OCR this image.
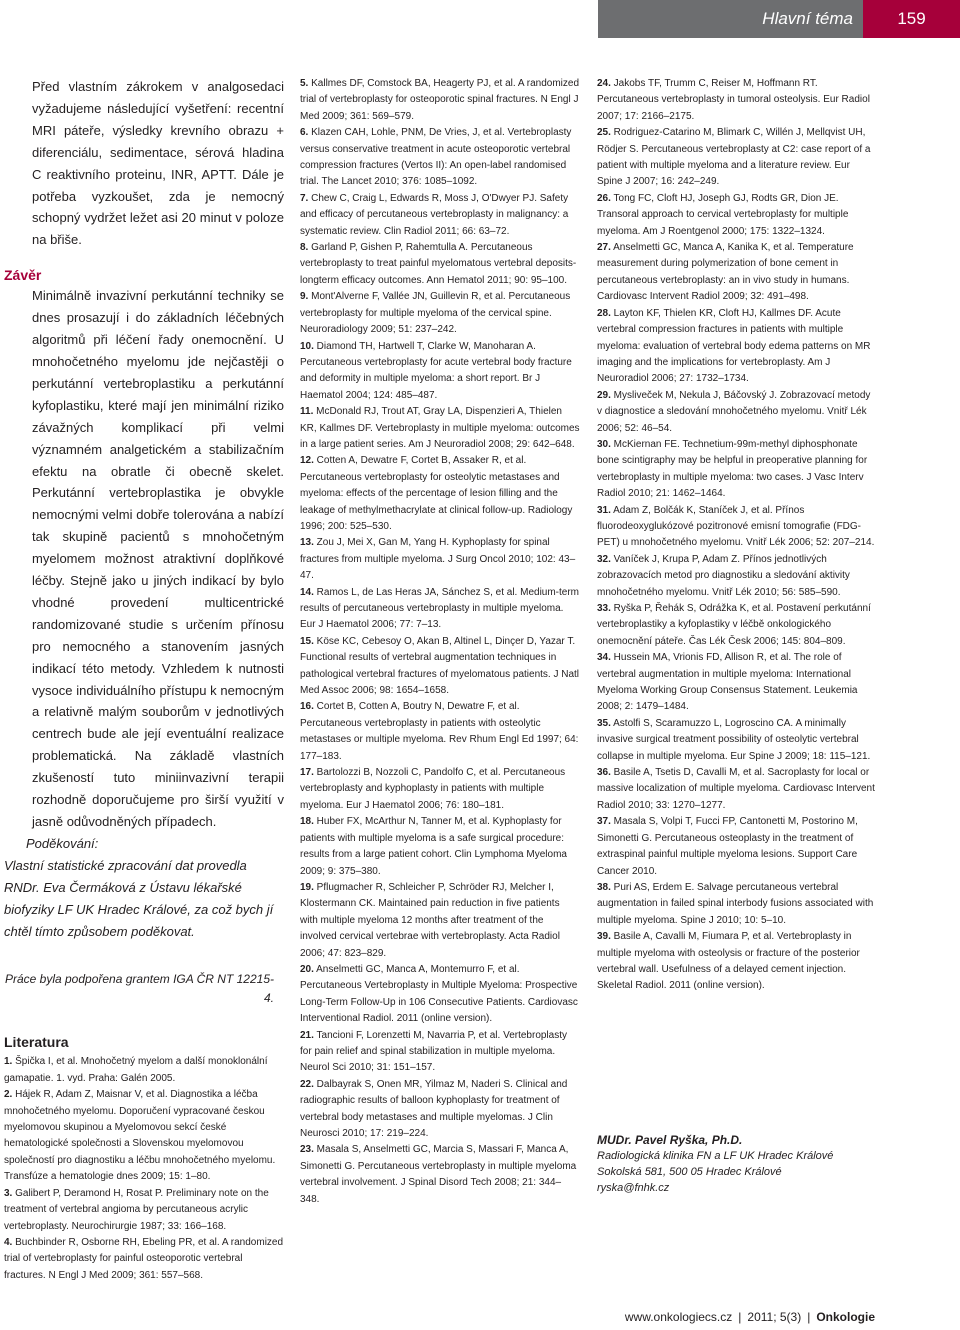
Hlavní téma	159

Před vlastním zákrokem v analgosedaci vyžadujeme následující vyšetření: recentní MRI páteře, výsledky krevního obrazu + diferenciálu, sedimentace, sérová hladina C reaktivního proteinu, INR, APTT. Dále je potřeba vyzkoušet, zda je nemocný schopný vydržet ležet asi 20 minut v poloze na břiše.

Závěr

Minimálně invazivní perkutánní techniky se dnes prosazují i do základních léčebných algoritmů při léčení řady onemocnění. U mnohočetného myelomu jde nejčastěji o perkutánní vertebroplastiku a perkutánní kyfoplastiku, které mají jen minimální riziko závažných komplikací při velmi významném analgetickém a stabilizačním efektu na obratle či obecně skelet. Perkutánní vertebroplastika je obvykle nemocnými velmi dobře tolerována a nabízí tak skupině pacientů s mnohočetným myelomem možnost atraktivní doplňkové léčby. Stejně jako u jiných indikací by bylo vhodné provedení multicentrické randomizované studie s určením přínosu pro nemocného a stanovením jasných indikací této metody. Vzhledem k nutnosti vysoce individuálního přístupu k nemocným a relativně malým souborům v jednotlivých centrech bude ale její eventuální realizace problematická. Na základě vlastních zkušeností tuto miniinvazivní terapii rozhodně doporučujeme pro širší využití v jasně odůvodněných případech.

Poděkování:
Vlastní statistické zpracování dat provedla RNDr. Eva Čermáková z Ústavu lékařské biofyziky LF UK Hradec Králové, za což bych jí chtěl tímto způsobem poděkovat.
Práce byla podpořena grantem IGA ČR NT 12215-4.
Literatura
1. Špička I, et al. Mnohočetný myelom a další monoklonální gamapatie. 1. vyd. Praha: Galén 2005.
2. Hájek R, Adam Z, Maisnar V, et al. Diagnostika a léčba mnohočetného myelomu. Doporučení vypracované českou myelomovou skupinou a Myelomovou sekcí české hematologické společnosti a Slovenskou myelomovou společností pro diagnostiku a léčbu mnohočetného myelomu. Transfúze a hematologie dnes 2009; 15: 1–80.
3. Galibert P, Deramond H, Rosat P. Preliminary note on the treatment of vertebral angioma by percutaneous acrylic vertebroplasty. Neurochirurgie 1987; 33: 166–168.
4. Buchbinder R, Osborne RH, Ebeling PR, et al. A randomized trial of vertebroplasty for painful osteoporotic vertebral fractures. N Engl J Med 2009; 361: 557–568.
5. Kallmes DF, Comstock BA, Heagerty PJ, et al. A randomized trial of vertebroplasty for osteoporotic spinal fractures. N Engl J Med 2009; 361: 569–579.
6. Klazen CAH, Lohle, PNM, De Vries, J, et al. Vertebroplasty versus conservative treatment in acute osteoporotic vertebral compression fractures (Vertos II): An open-label randomised trial. The Lancet 2010; 376: 1085–1092.
7. Chew C, Craig L, Edwards R, Moss J, O'Dwyer PJ. Safety and efficacy of percutaneous vertebroplasty in malignancy: a systematic review. Clin Radiol 2011; 66: 63–72.
8. Garland P, Gishen P, Rahemtulla A. Percutaneous vertebroplasty to treat painful myelomatous vertebral deposits-longterm efficacy outcomes. Ann Hematol 2011; 90: 95–100.
9. Mont'Alverne F, Vallée JN, Guillevin R, et al. Percutaneous vertebroplasty for multiple myeloma of the cervical spine. Neuroradiology 2009; 51: 237–242.
10. Diamond TH, Hartwell T, Clarke W, Manoharan A. Percutaneous vertebroplasty for acute vertebral body fracture and deformity in multiple myeloma: a short report. Br J Haematol 2004; 124: 485–487.
11. McDonald RJ, Trout AT, Gray LA, Dispenzieri A, Thielen KR, Kallmes DF. Vertebroplasty in multiple myeloma: outcomes in a large patient series. Am J Neuroradiol 2008; 29: 642–648.
12. Cotten A, Dewatre F, Cortet B, Assaker R, et al. Percutaneous vertebroplasty for osteolytic metastases and myeloma: effects of the percentage of lesion filling and the leakage of methylmethacrylate at clinical follow-up. Radiology 1996; 200: 525–530.
13. Zou J, Mei X, Gan M, Yang H. Kyphoplasty for spinal fractures from multiple myeloma. J Surg Oncol 2010; 102: 43–47.
14. Ramos L, de Las Heras JA, Sánchez S, et al. Medium-term results of percutaneous vertebroplasty in multiple myeloma. Eur J Haematol 2006; 77: 7–13.
15. Köse KC, Cebesoy O, Akan B, Altinel L, Dinçer D, Yazar T. Functional results of vertebral augmentation techniques in pathological vertebral fractures of myelomatous patients. J Natl Med Assoc 2006; 98: 1654–1658.
16. Cortet B, Cotten A, Boutry N, Dewatre F, et al. Percutaneous vertebroplasty in patients with osteolytic metastases or multiple myeloma. Rev Rhum Engl Ed 1997; 64: 177–183.
17. Bartolozzi B, Nozzoli C, Pandolfo C, et al. Percutaneous vertebroplasty and kyphoplasty in patients with multiple myeloma. Eur J Haematol 2006; 76: 180–181.
18. Huber FX, McArthur N, Tanner M, et al. Kyphoplasty for patients with multiple myeloma is a safe surgical procedure: results from a large patient cohort. Clin Lymphoma Myeloma 2009; 9: 375–380.
19. Pflugmacher R, Schleicher P, Schröder RJ, Melcher I, Klostermann CK. Maintained pain reduction in five patients with multiple myeloma 12 months after treatment of the involved cervical vertebrae with vertebroplasty. Acta Radiol 2006; 47: 823–829.
20. Anselmetti GC, Manca A, Montemurro F, et al. Percutaneous Vertebroplasty in Multiple Myeloma: Prospective Long-Term Follow-Up in 106 Consecutive Patients. Cardiovasc Interventional Radiol. 2011 (online version).
21. Tancioni F, Lorenzetti M, Navarria P, et al. Vertebroplasty for pain relief and spinal stabilization in multiple myeloma. Neurol Sci 2010; 31: 151–157.
22. Dalbayrak S, Onen MR, Yilmaz M, Naderi S. Clinical and radiographic results of balloon kyphoplasty for treatment of vertebral body metastases and multiple myelomas. J Clin Neurosci 2010; 17: 219–224.
23. Masala S, Anselmetti GC, Marcia S, Massari F, Manca A, Simonetti G. Percutaneous vertebroplasty in multiple myeloma vertebral involvement. J Spinal Disord Tech 2008; 21: 344–348.
24. Jakobs TF, Trumm C, Reiser M, Hoffmann RT. Percutaneous vertebroplasty in tumoral osteolysis. Eur Radiol 2007; 17: 2166–2175.
25. Rodriguez-Catarino M, Blimark C, Willén J, Mellqvist UH, Rödjer S. Percutaneous vertebroplasty at C2: case report of a patient with multiple myeloma and a literature review. Eur Spine J 2007; 16: 242–249.
26. Tong FC, Cloft HJ, Joseph GJ, Rodts GR, Dion JE. Transoral approach to cervical vertebroplasty for multiple myeloma. Am J Roentgenol 2000; 175: 1322–1324.
27. Anselmetti GC, Manca A, Kanika K, et al. Temperature measurement during polymerization of bone cement in percutaneous vertebroplasty: an in vivo study in humans. Cardiovasc Intervent Radiol 2009; 32: 491–498.
28. Layton KF, Thielen KR, Cloft HJ, Kallmes DF. Acute vertebral compression fractures in patients with multiple myeloma: evaluation of vertebral body edema patterns on MR imaging and the implications for vertebroplasty. Am J Neuroradiol 2006; 27: 1732–1734.
29. Mysliveček M, Nekula J, Báčovský J. Zobrazovací metody v diagnostice a sledování mnohočetného myelomu. Vnitř Lék 2006; 52: 46–54.
30. McKiernan FE. Technetium-99m-methyl diphosphonate bone scintigraphy may be helpful in preoperative planning for vertebroplasty in multiple myeloma: two cases. J Vasc Interv Radiol 2010; 21: 1462–1464.
31. Adam Z, Bolčák K, Staníček J, et al. Přínos fluorodeoxyglukózové pozitronové emisní tomografie (FDG-PET) u mnohočetného myelomu. Vnitř Lék 2006; 52: 207–214.
32. Vaníček J, Krupa P, Adam Z. Přínos jednotlivých zobrazovacích metod pro diagnostiku a sledování aktivity mnohočetného myelomu. Vnitř Lék 2010; 56: 585–590.
33. Ryška P, Řehák S, Odrážka K, et al. Postavení perkutánní vertebroplastiky a kyfoplastiky v léčbě onkologického onemocnění páteře. Čas Lék Česk 2006; 145: 804–809.
34. Hussein MA, Vrionis FD, Allison R, et al. The role of vertebral augmentation in multiple myeloma: International Myeloma Working Group Consensus Statement. Leukemia 2008; 2: 1479–1484.
35. Astolfi S, Scaramuzzo L, Logroscino CA. A minimally invasive surgical treatment possibility of osteolytic vertebral collapse in multiple myeloma. Eur Spine J 2009; 18: 115–121.
36. Basile A, Tsetis D, Cavalli M, et al. Sacroplasty for local or massive localization of multiple myeloma. Cardiovasc Intervent Radiol 2010; 33: 1270–1277.
37. Masala S, Volpi T, Fucci FP, Cantonetti M, Postorino M, Simonetti G. Percutaneous osteoplasty in the treatment of extraspinal painful multiple myeloma lesions. Support Care Cancer 2010.
38. Puri AS, Erdem E. Salvage percutaneous vertebral augmentation in failed spinal interbody fusions associated with multiple myeloma. Spine J 2010; 10: 5–10.
39. Basile A, Cavalli M, Fiumara P, et al. Vertebroplasty in multiple myeloma with osteolysis or fracture of the posterior vertebral wall. Usefulness of a delayed cement injection. Skeletal Radiol. 2011 (online version).
MUDr. Pavel Ryška, Ph.D.
Radiologická klinika FN a LF UK Hradec Králové
Sokolská 581, 500 05 Hradec Králové
ryska@fnhk.cz
www.onkologiecs.cz | 2011; 5(3) | Onkologie
